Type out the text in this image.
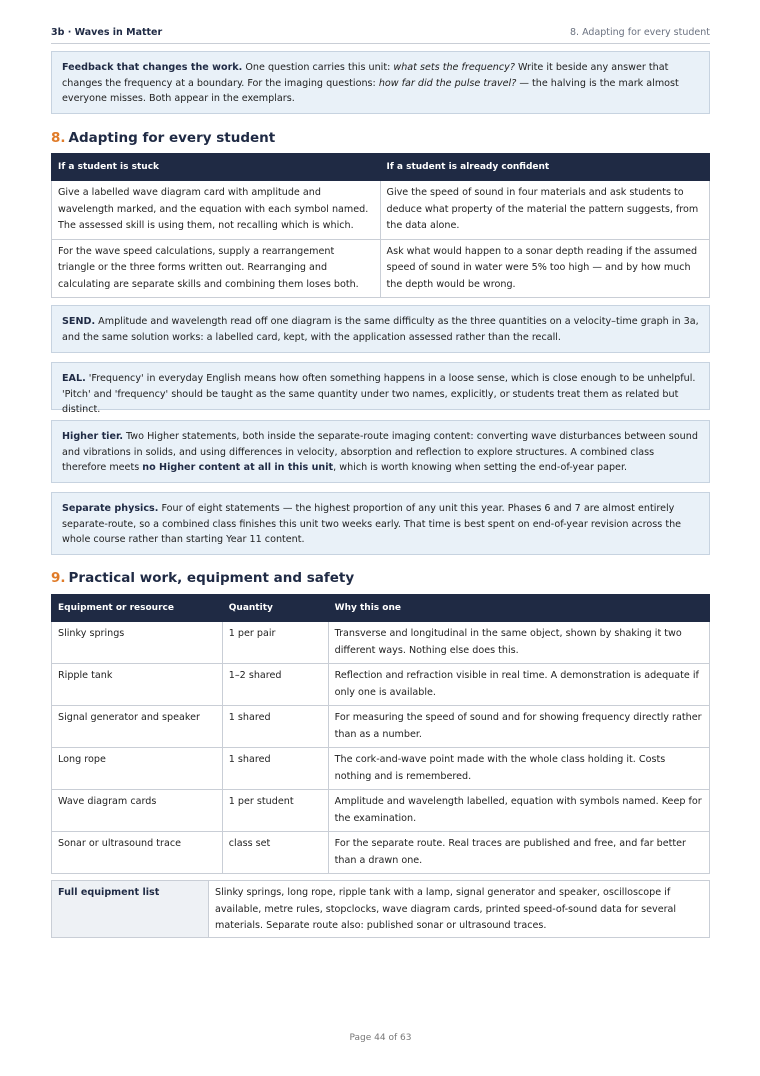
3b · Waves in Matter	8. Adapting for every student
Feedback that changes the work. One question carries this unit: what sets the frequency? Write it beside any answer that changes the frequency at a boundary. For the imaging questions: how far did the pulse travel? — the halving is the mark almost everyone misses. Both appear in the exemplars.
8. Adapting for every student
If a student is stuck	If a student is already confident
Give a labelled wave diagram card with amplitude and wavelength marked, and the equation with each symbol named. The assessed skill is using them, not recalling which is which.	Give the speed of sound in four materials and ask students to deduce what property of the material the pattern suggests, from the data alone.
For the wave speed calculations, supply a rearrangement triangle or the three forms written out. Rearranging and calculating are separate skills and combining them loses both.	Ask what would happen to a sonar depth reading if the assumed speed of sound in water were 5% too high — and by how much the depth would be wrong.
SEND. Amplitude and wavelength read off one diagram is the same difficulty as the three quantities on a velocity–time graph in 3a, and the same solution works: a labelled card, kept, with the application assessed rather than the recall.
EAL. 'Frequency' in everyday English means how often something happens in a loose sense, which is close enough to be unhelpful. 'Pitch' and 'frequency' should be taught as the same quantity under two names, explicitly, or students treat them as related but distinct.
Higher tier. Two Higher statements, both inside the separate-route imaging content: converting wave disturbances between sound and vibrations in solids, and using differences in velocity, absorption and reflection to explore structures. A combined class therefore meets no Higher content at all in this unit, which is worth knowing when setting the end-of-year paper.
Separate physics. Four of eight statements — the highest proportion of any unit this year. Phases 6 and 7 are almost entirely separate-route, so a combined class finishes this unit two weeks early. That time is best spent on end-of-year revision across the whole course rather than starting Year 11 content.
9. Practical work, equipment and safety
Equipment or resource	Quantity	Why this one
Slinky springs	1 per pair	Transverse and longitudinal in the same object, shown by shaking it two different ways. Nothing else does this.
Ripple tank	1–2 shared	Reflection and refraction visible in real time. A demonstration is adequate if only one is available.
Signal generator and speaker	1 shared	For measuring the speed of sound and for showing frequency directly rather than as a number.
Long rope	1 shared	The cork-and-wave point made with the whole class holding it. Costs nothing and is remembered.
Wave diagram cards	1 per student	Amplitude and wavelength labelled, equation with symbols named. Keep for the examination.
Sonar or ultrasound trace	class set	For the separate route. Real traces are published and free, and far better than a drawn one.
Full equipment list	Slinky springs, long rope, ripple tank with a lamp, signal generator and speaker, oscilloscope if available, metre rules, stopclocks, wave diagram cards, printed speed-of-sound data for several materials. Separate route also: published sonar or ultrasound traces.
Page 44 of 63
